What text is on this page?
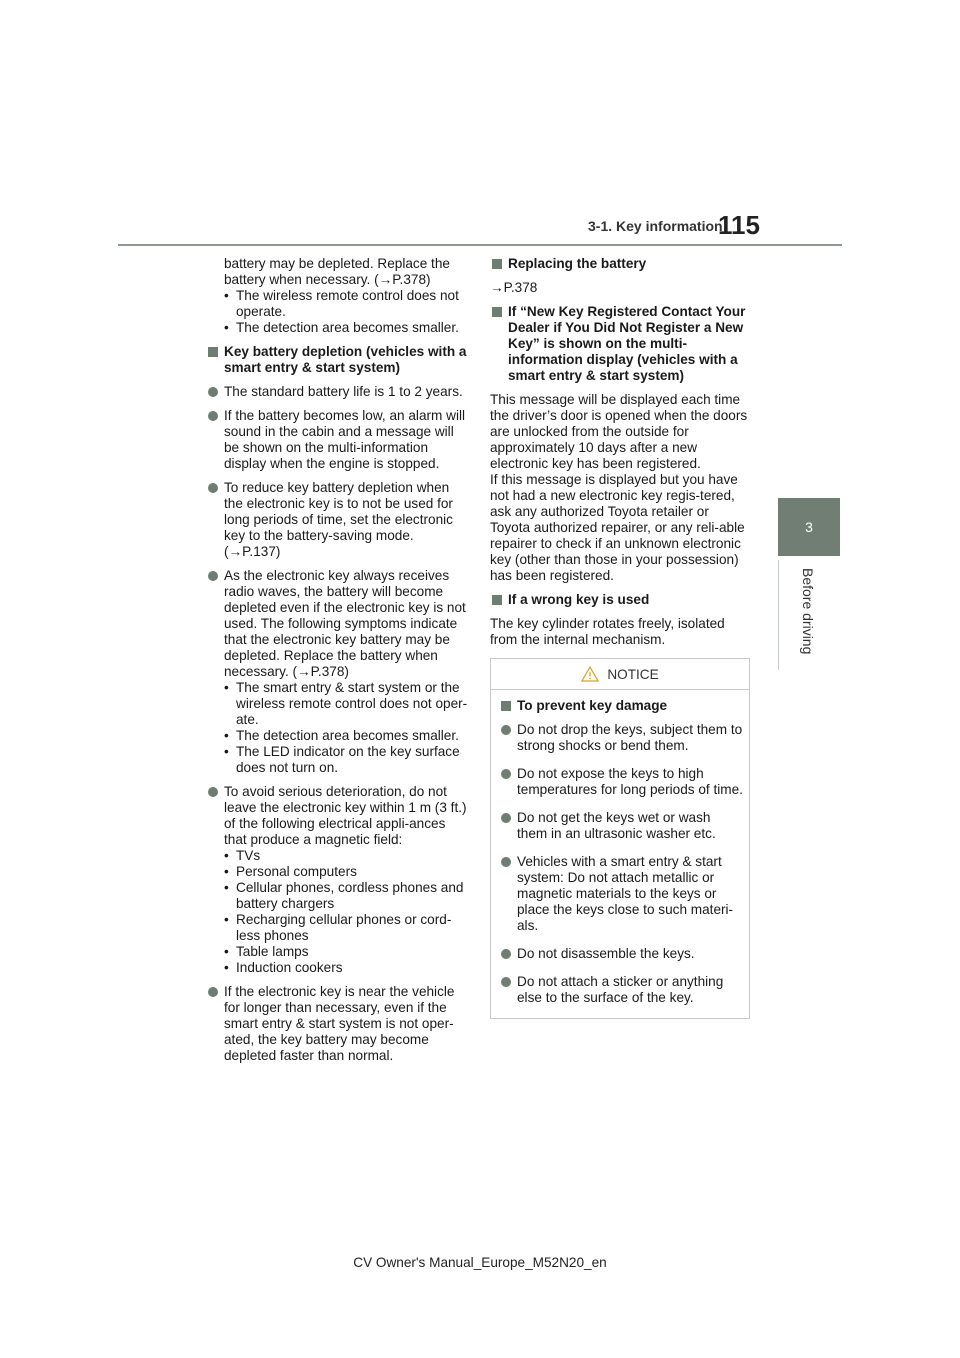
3-1. Key information
115
3
Before driving

battery may be depleted. Replace the battery when necessary. (→P.378)

• The wireless remote control does not operate.
• The detection area becomes smaller.

Key battery depletion (vehicles with a smart entry & start system)

The standard battery life is 1 to 2 years.

If the battery becomes low, an alarm will sound in the cabin and a message will be shown on the multi-information display when the engine is stopped.

To reduce key battery depletion when the electronic key is to not be used for long periods of time, set the electronic key to the battery-saving mode. (→P.137)

As the electronic key always receives radio waves, the battery will become depleted even if the electronic key is not used. The following symptoms indicate that the electronic key battery may be depleted. Replace the battery when necessary. (→P.378)

• The smart entry & start system or the wireless remote control does not oper-ate.
• The detection area becomes smaller.
• The LED indicator on the key surface does not turn on.

To avoid serious deterioration, do not leave the electronic key within 1 m (3 ft.) of the following electrical appli-ances that produce a magnetic field:

• TVs
• Personal computers
• Cellular phones, cordless phones and battery chargers
• Recharging cellular phones or cord-less phones
• Table lamps
• Induction cookers

If the electronic key is near the vehicle for longer than necessary, even if the smart entry & start system is not oper-ated, the key battery may become depleted faster than normal.

Replacing the battery

→P.378

If “New Key Registered Contact Your Dealer if You Did Not Register a New Key” is shown on the multi-information display (vehicles with a smart entry & start system)

This message will be displayed each time the driver’s door is opened when the doors are unlocked from the outside for approximately 10 days after a new electronic key has been registered.

If this message is displayed but you have not had a new electronic key regis-tered, ask any authorized Toyota retailer or Toyota authorized repairer, or any reli-able repairer to check if an unknown electronic key (other than those in your possession) has been registered.

If a wrong key is used

The key cylinder rotates freely, isolated from the internal mechanism.

NOTICE

To prevent key damage

Do not drop the keys, subject them to strong shocks or bend them.

Do not expose the keys to high temperatures for long periods of time.

Do not get the keys wet or wash them in an ultrasonic washer etc.

Vehicles with a smart entry & start system: Do not attach metallic or magnetic materials to the keys or place the keys close to such materi-als.

Do not disassemble the keys.

Do not attach a sticker or anything else to the surface of the key.

CV Owner's Manual_Europe_M52N20_en
